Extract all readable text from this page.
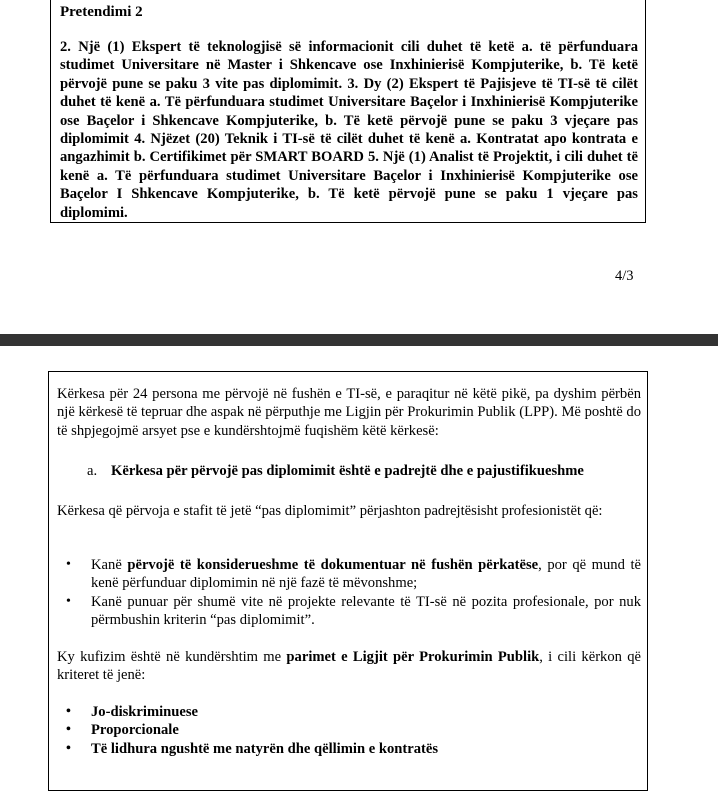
Pretendimi 2
2. Një (1) Ekspert të teknologjisë së informacionit cili duhet të ketë a. të përfunduara studimet Universitare në Master i Shkencave ose Inxhinierisë Kompjuterike, b. Të ketë përvojë pune se paku 3 vite pas diplomimit. 3. Dy (2) Ekspert të Pajisjeve të TI-së të cilët duhet të kenë a. Të përfunduara studimet Universitare Baçelor i Inxhinierisë Kompjuterike ose Baçelor i Shkencave Kompjuterike, b. Të ketë përvojë pune se paku 3 vjeçare pas diplomimit 4. Njëzet (20) Teknik i TI-së të cilët duhet të kenë a. Kontratat apo kontrata e angazhimit b. Certifikimet për SMART BOARD 5. Një (1) Analist të Projektit, i cili duhet të kenë a. Të përfunduara studimet Universitare Baçelor i Inxhinierisë Kompjuterike ose Baçelor I Shkencave Kompjuterike, b. Të ketë përvojë pune se paku 1 vjeçare pas diplomimi.
4/3
Kërkesa për 24 persona me përvojë në fushën e TI-së, e paraqitur në këtë pikë, pa dyshim përbën një kërkesë të tepruar dhe aspak në përputhje me Ligjin për Prokurimin Publik (LPP). Më poshtë do të shpjegojmë arsyet pse e kundërshtojmë fuqishëm këtë kërkesë:
a. Kërkesa për përvojë pas diplomimit është e padrejtë dhe e pajustifikueshme
Kërkesa që përvoja e stafit të jetë “pas diplomimit” përjashton padrejtësisht profesionistët që:
• Kanë përvojë të konsiderueshme të dokumentuar në fushën përkatëse, por që mund të kenë përfunduar diplomimin në një fazë të mëvonshme;
• Kanë punuar për shumë vite në projekte relevante të TI-së në pozita profesionale, por nuk përmbushin kriterin “pas diplomimit”.
Ky kufizim është në kundërshtim me parimet e Ligjit për Prokurimin Publik, i cili kërkon që kriteret të jenë:
• Jo-diskriminuese
• Proporcionale
• Të lidhura ngushtë me natyrën dhe qëllimin e kontratës
